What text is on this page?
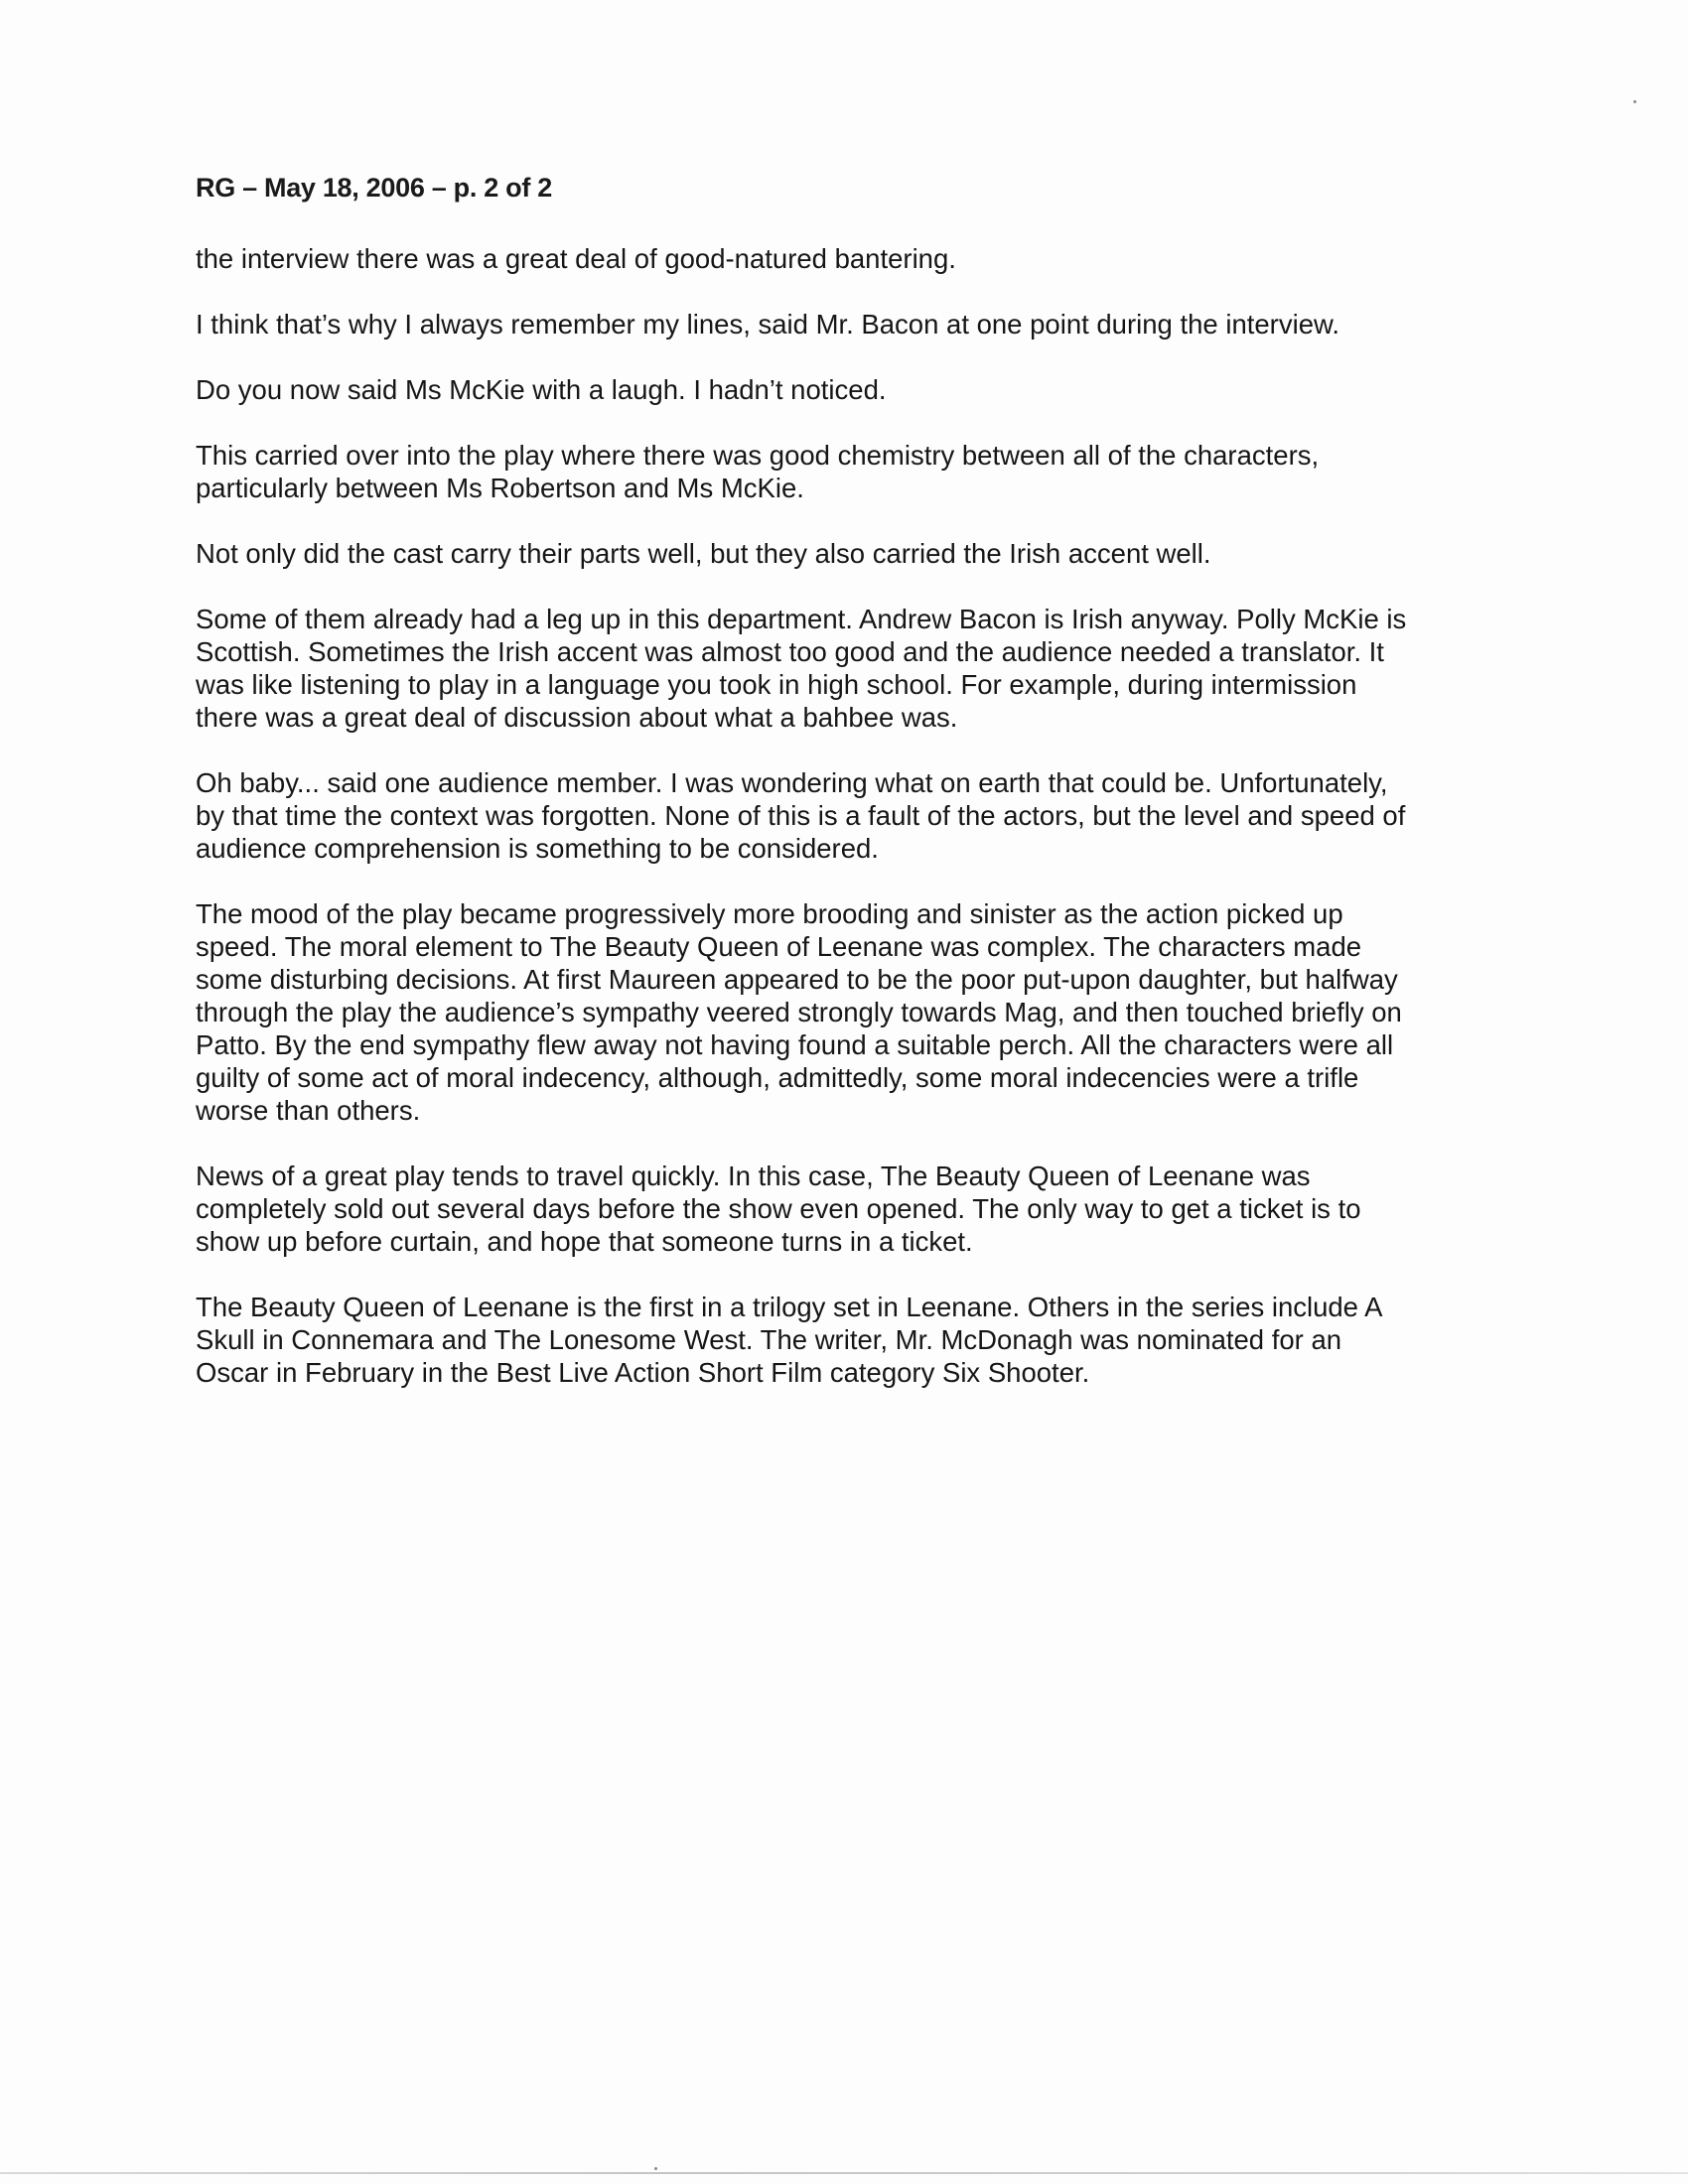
RG – May 18, 2006 – p. 2 of 2

the interview there was a great deal of good-natured bantering.

I think that’s why I always remember my lines, said Mr. Bacon at one point during the interview.

Do you now said Ms McKie with a laugh. I hadn’t noticed.

This carried over into the play where there was good chemistry between all of the characters,
particularly between Ms Robertson and Ms McKie.

Not only did the cast carry their parts well, but they also carried the Irish accent well.

Some of them already had a leg up in this department. Andrew Bacon is Irish anyway. Polly McKie is
Scottish. Sometimes the Irish accent was almost too good and the audience needed a translator. It
was like listening to play in a language you took in high school. For example, during intermission
there was a great deal of discussion about what a bahbee was.

Oh baby... said one audience member. I was wondering what on earth that could be. Unfortunately,
by that time the context was forgotten. None of this is a fault of the actors, but the level and speed of
audience comprehension is something to be considered.

The mood of the play became progressively more brooding and sinister as the action picked up
speed. The moral element to The Beauty Queen of Leenane was complex. The characters made
some disturbing decisions. At first Maureen appeared to be the poor put-upon daughter, but halfway
through the play the audience’s sympathy veered strongly towards Mag, and then touched briefly on
Patto. By the end sympathy flew away not having found a suitable perch. All the characters were all
guilty of some act of moral indecency, although, admittedly, some moral indecencies were a trifle
worse than others.

News of a great play tends to travel quickly. In this case, The Beauty Queen of Leenane was
completely sold out several days before the show even opened. The only way to get a ticket is to
show up before curtain, and hope that someone turns in a ticket.

The Beauty Queen of Leenane is the first in a trilogy set in Leenane. Others in the series include A
Skull in Connemara and The Lonesome West. The writer, Mr. McDonagh was nominated for an
Oscar in February in the Best Live Action Short Film category Six Shooter.
